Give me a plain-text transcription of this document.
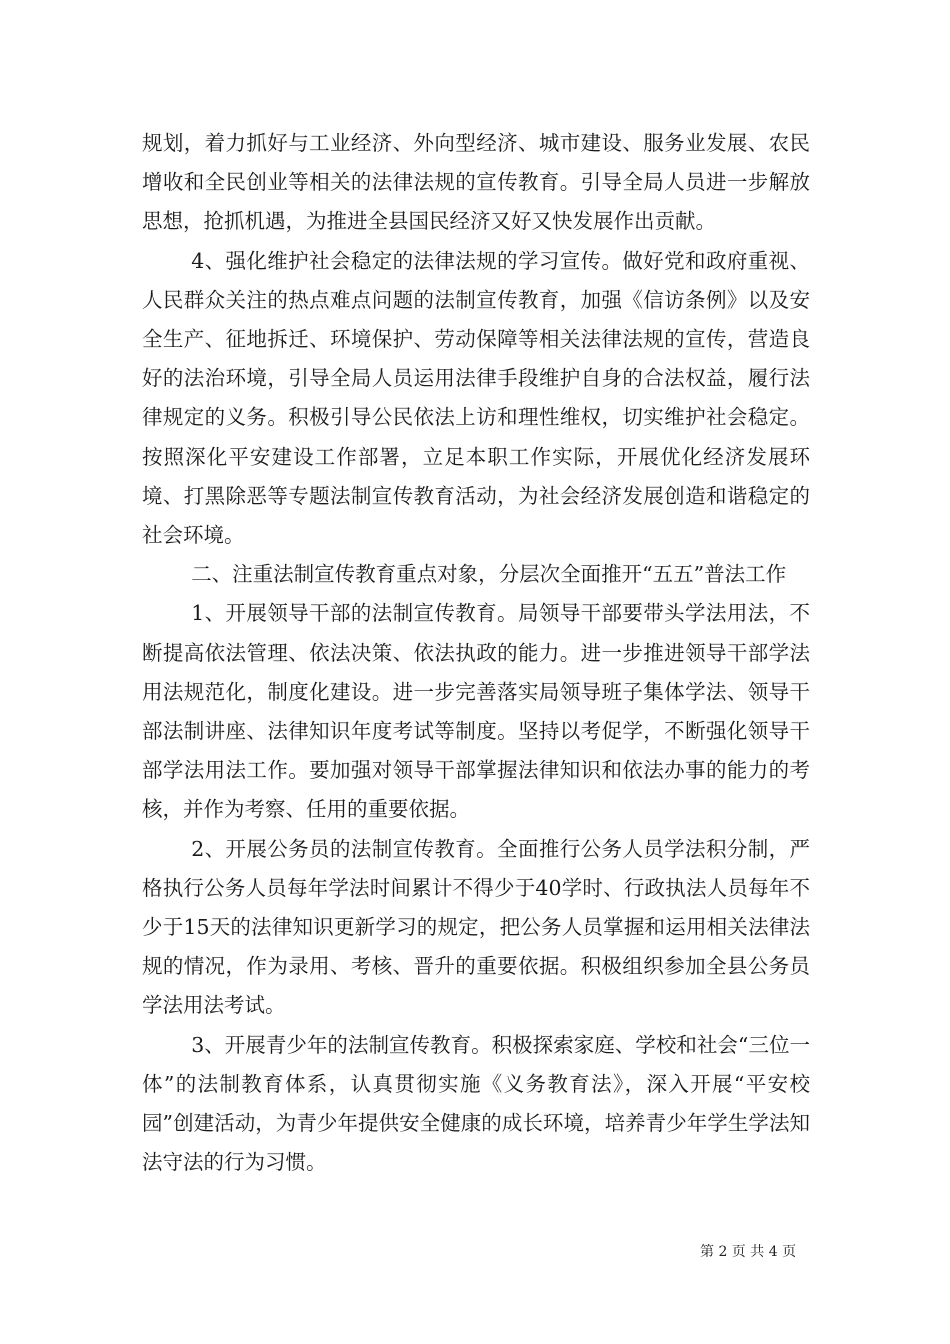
规划，着力抓好与工业经济、外向型经济、城市建设、服务业发展、农民增收和全民创业等相关的法律法规的宣传教育。引导全局人员进一步解放思想，抢抓机遇，为推进全县国民经济又好又快发展作出贡献。

4、强化维护社会稳定的法律法规的学习宣传。做好党和政府重视、人民群众关注的热点难点问题的法制宣传教育，加强《信访条例》以及安全生产、征地拆迁、环境保护、劳动保障等相关法律法规的宣传，营造良好的法治环境，引导全局人员运用法律手段维护自身的合法权益，履行法律规定的义务。积极引导公民依法上访和理性维权，切实维护社会稳定。按照深化平安建设工作部署，立足本职工作实际，开展优化经济发展环境、打黑除恶等专题法制宣传教育活动，为社会经济发展创造和谐稳定的社会环境。

二、注重法制宣传教育重点对象，分层次全面推开“五五”普法工作

1、开展领导干部的法制宣传教育。局领导干部要带头学法用法，不断提高依法管理、依法决策、依法执政的能力。进一步推进领导干部学法用法规范化，制度化建设。进一步完善落实局领导班子集体学法、领导干部法制讲座、法律知识年度考试等制度。坚持以考促学，不断强化领导干部学法用法工作。要加强对领导干部掌握法律知识和依法办事的能力的考核，并作为考察、任用的重要依据。

2、开展公务员的法制宣传教育。全面推行公务人员学法积分制，严格执行公务人员每年学法时间累计不得少于40学时、行政执法人员每年不少于15天的法律知识更新学习的规定，把公务人员掌握和运用相关法律法规的情况，作为录用、考核、晋升的重要依据。积极组织参加全县公务员学法用法考试。

3、开展青少年的法制宣传教育。积极探索家庭、学校和社会“三位一体”的法制教育体系，认真贯彻实施《义务教育法》，深入开展“平安校园”创建活动，为青少年提供安全健康的成长环境，培养青少年学生学法知法守法的行为习惯。

第 2 页 共 4 页
